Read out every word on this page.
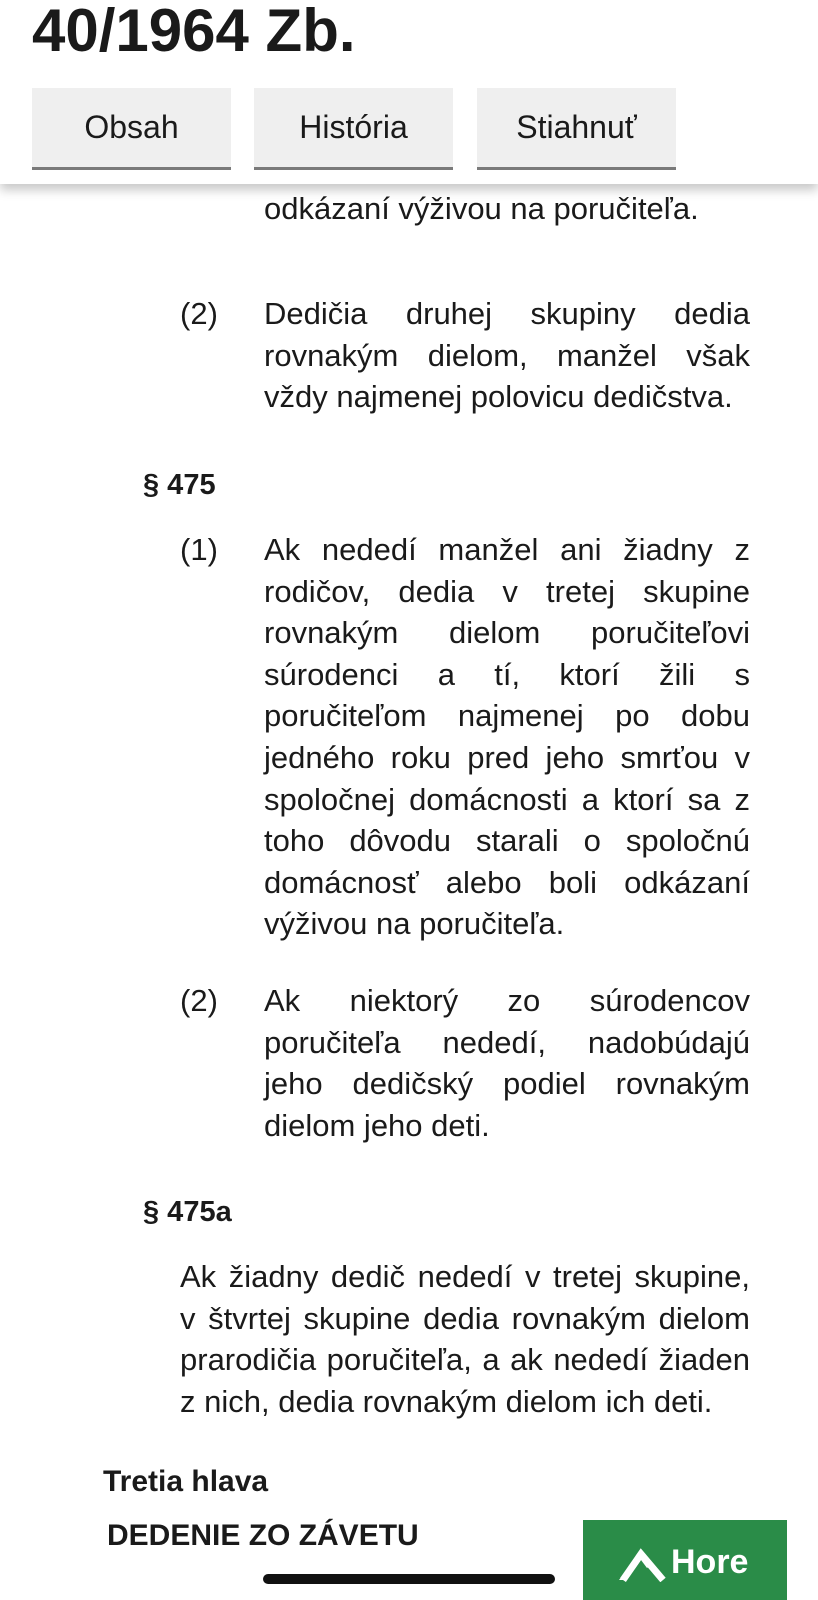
odkázaní výživou na poručiteľa.
(2) Dedičia druhej skupiny dedia rovnakým dielom, manžel však vždy najmenej polovicu dedičstva.

§ 475
(1) Ak nededí manžel ani žiadny z rodičov, dedia v tretej skupine rovnakým dielom poručiteľovi súrodenci a tí, ktorí žili s poručiteľom najmenej po dobu jedného roku pred jeho smrťou v spoločnej domácnosti a ktorí sa z toho dôvodu starali o spoločnú domácnosť alebo boli odkázaní výživou na poručiteľa.

(2) Ak niektorý zo súrodencov poručiteľa nededí, nadobúdajú jeho dedičský podiel rovnakým dielom jeho deti.

§ 475a

Ak žiadny dedič nededí v tretej skupine, v štvrtej skupine dedia rovnakým dielom prarodičia poručiteľa, a ak nededí žiaden z nich, dedia rovnakým dielom ich deti.

Tretia hlava
DEDENIE ZO ZÁVETU
40/1964 Zb.
Obsah	História	Stiahnuť
Hore
